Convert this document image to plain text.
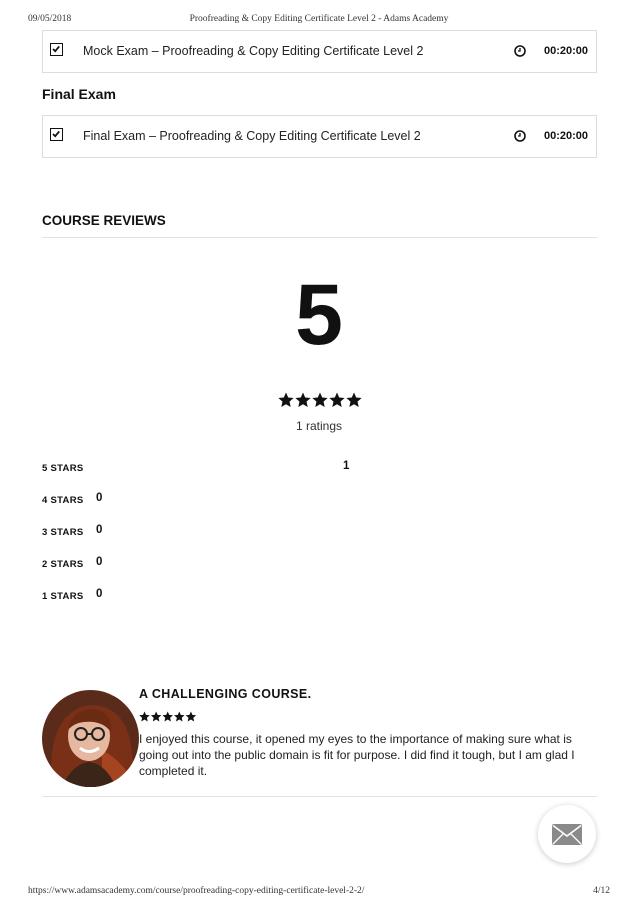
09/05/2018	Proofreading & Copy Editing Certificate Level 2 - Adams Academy
Mock Exam – Proofreading & Copy Editing Certificate Level 2	00:20:00
Final Exam
Final Exam – Proofreading & Copy Editing Certificate Level 2	00:20:00
COURSE REVIEWS
5
1 ratings
5 STARS	1
4 STARS 0
3 STARS 0
2 STARS 0
1 STARS 0
A CHALLENGING COURSE.
I enjoyed this course, it opened my eyes to the importance of making sure what is going out into the public domain is fit for purpose. I did find it tough, but I am glad I completed it.
https://www.adamsacademy.com/course/proofreading-copy-editing-certificate-level-2-2/	4/12
